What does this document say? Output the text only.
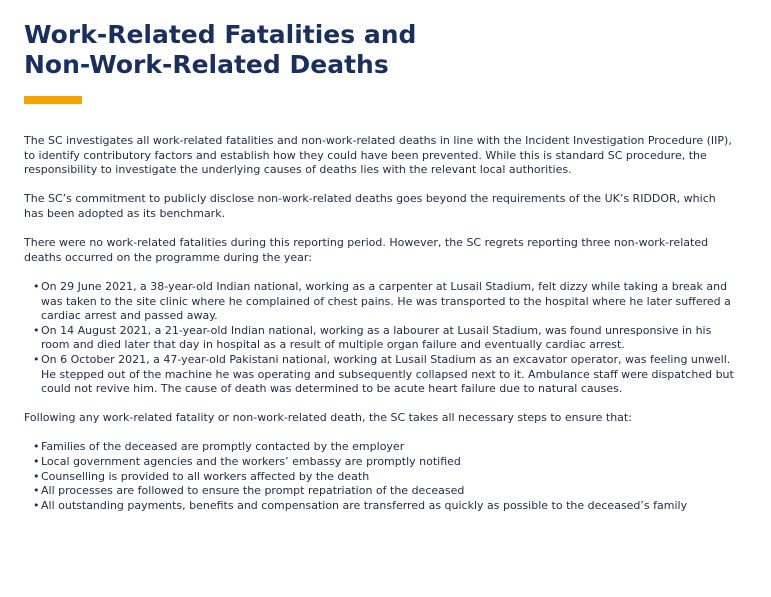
Work-Related Fatalities and
Non-Work-Related Deaths

The SC investigates all work-related fatalities and non-work-related deaths in line with the Incident Investigation Procedure (IIP), to identify contributory factors and establish how they could have been prevented. While this is standard SC procedure, the responsibility to investigate the underlying causes of deaths lies with the relevant local authorities.

The SC’s commitment to publicly disclose non-work-related deaths goes beyond the requirements of the UK’s RIDDOR, which has been adopted as its benchmark.

There were no work-related fatalities during this reporting period. However, the SC regrets reporting three non-work-related deaths occurred on the programme during the year:

• On 29 June 2021, a 38-year-old Indian national, working as a carpenter at Lusail Stadium, felt dizzy while taking a break and was taken to the site clinic where he complained of chest pains. He was transported to the hospital where he later suffered a cardiac arrest and passed away.
• On 14 August 2021, a 21-year-old Indian national, working as a labourer at Lusail Stadium, was found unresponsive in his room and died later that day in hospital as a result of multiple organ failure and eventually cardiac arrest.
• On 6 October 2021, a 47-year-old Pakistani national, working at Lusail Stadium as an excavator operator, was feeling unwell. He stepped out of the machine he was operating and subsequently collapsed next to it. Ambulance staff were dispatched but could not revive him. The cause of death was determined to be acute heart failure due to natural causes.

Following any work-related fatality or non-work-related death, the SC takes all necessary steps to ensure that:

• Families of the deceased are promptly contacted by the employer
• Local government agencies and the workers’ embassy are promptly notified
• Counselling is provided to all workers affected by the death
• All processes are followed to ensure the prompt repatriation of the deceased
• All outstanding payments, benefits and compensation are transferred as quickly as possible to the deceased’s family
